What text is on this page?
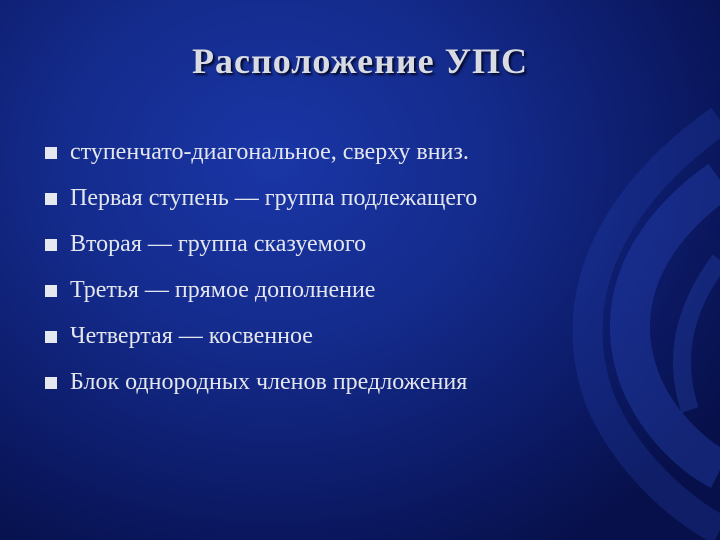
Расположение УПС
ступенчато-диагональное, сверху вниз.
Первая ступень — группа подлежащего
Вторая — группа сказуемого
Третья — прямое дополнение
Четвертая — косвенное
Блок однородных членов предложения
